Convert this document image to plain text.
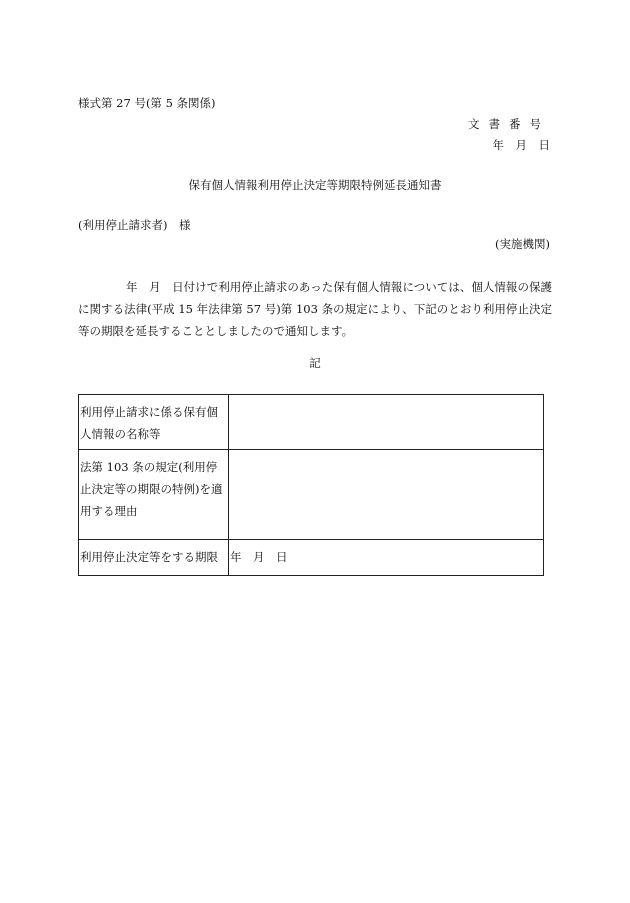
様式第 27 号(第 5 条関係)
文書番号
年　月　日
保有個人情報利用停止決定等期限特例延長通知書
(利用停止請求者)　様
(実施機関)
年　月　日付けで利用停止請求のあった保有個人情報については、個人情報の保護に関する法律(平成 15 年法律第 57 号)第 103 条の規定により、下記のとおり利用停止決定等の期限を延長することとしましたので通知します。
記
利用停止請求に係る保有個人情報の名称等	
法第 103 条の規定(利用停止決定等の期限の特例)を適用する理由	
利用停止決定等をする期限	年　月　日
